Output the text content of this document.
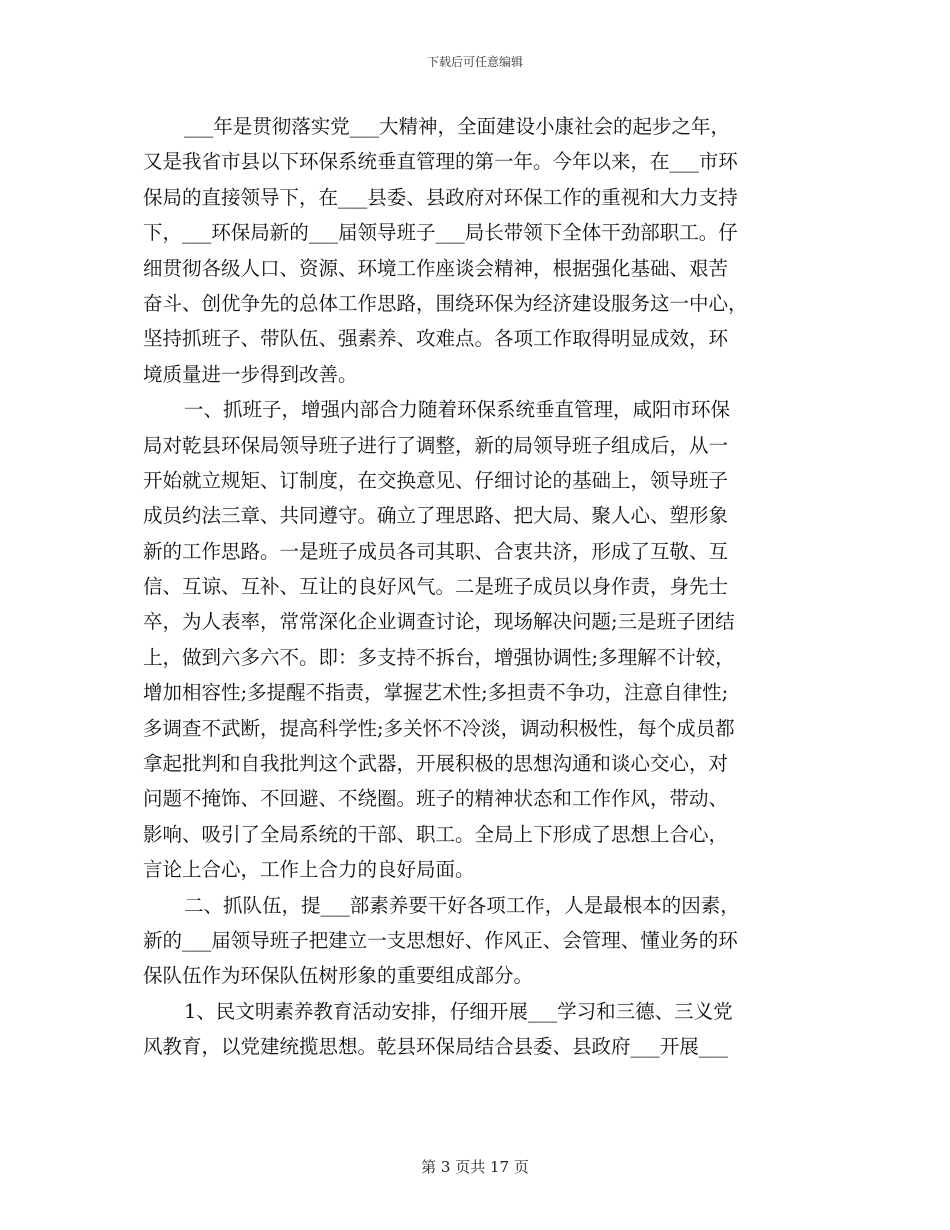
下载后可任意编辑
___年是贯彻落实党___大精神，全面建设小康社会的起步之年，
又是我省市县以下环保系统垂直管理的第一年。今年以来，在___市环
保局的直接领导下，在___县委、县政府对环保工作的重视和大力支持
下，___环保局新的___届领导班子___局长带领下全体干劲部职工。仔
细贯彻各级人口、资源、环境工作座谈会精神，根据强化基础、艰苦
奋斗、创优争先的总体工作思路，围绕环保为经济建设服务这一中心，
坚持抓班子、带队伍、强素养、攻难点。各项工作取得明显成效，环
境质量进一步得到改善。
一、抓班子，增强内部合力随着环保系统垂直管理，咸阳市环保
局对乾县环保局领导班子进行了调整，新的局领导班子组成后，从一
开始就立规矩、订制度，在交换意见、仔细讨论的基础上，领导班子
成员约法三章、共同遵守。确立了理思路、把大局、聚人心、塑形象
新的工作思路。一是班子成员各司其职、合衷共济，形成了互敬、互
信、互谅、互补、互让的良好风气。二是班子成员以身作责，身先士
卒，为人表率，常常深化企业调查讨论，现场解决问题;三是班子团结
上，做到六多六不。即：多支持不拆台，增强协调性;多理解不计较，
增加相容性;多提醒不指责，掌握艺术性;多担责不争功，注意自律性;
多调查不武断，提高科学性;多关怀不冷淡，调动积极性，每个成员都
拿起批判和自我批判这个武器，开展积极的思想沟通和谈心交心，对
问题不掩饰、不回避、不绕圈。班子的精神状态和工作作风，带动、
影响、吸引了全局系统的干部、职工。全局上下形成了思想上合心，
言论上合心，工作上合力的良好局面。
二、抓队伍，提___部素养要干好各项工作，人是最根本的因素，
新的___届领导班子把建立一支思想好、作风正、会管理、懂业务的环
保队伍作为环保队伍树形象的重要组成部分。
1、民文明素养教育活动安排，仔细开展___学习和三德、三义党
风教育，以党建统揽思想。乾县环保局结合县委、县政府___开展___
第 3 页共 17 页
